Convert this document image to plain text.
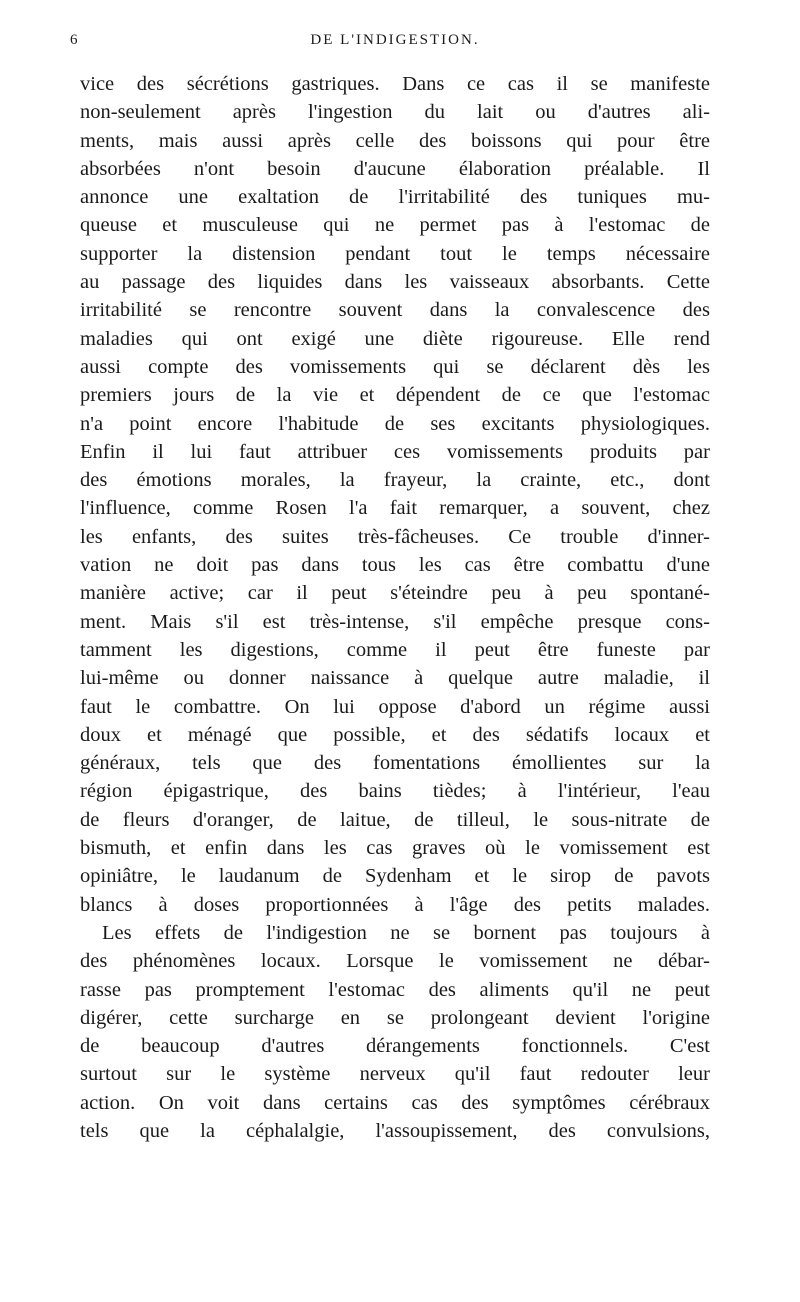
6	DE L'INDIGESTION.
vice des sécrétions gastriques. Dans ce cas il se manifeste
non-seulement après l'ingestion du lait ou d'autres ali-
ments, mais aussi après celle des boissons qui pour être
absorbées n'ont besoin d'aucune élaboration préalable. Il
annonce une exaltation de l'irritabilité des tuniques mu-
queuse et musculeuse qui ne permet pas à l'estomac de
supporter la distension pendant tout le temps nécessaire
au passage des liquides dans les vaisseaux absorbants. Cette
irritabilité se rencontre souvent dans la convalescence des
maladies qui ont exigé une diète rigoureuse. Elle rend
aussi compte des vomissements qui se déclarent dès les
premiers jours de la vie et dépendent de ce que l'estomac
n'a point encore l'habitude de ses excitants physiologiques.
Enfin il lui faut attribuer ces vomissements produits par
des émotions morales, la frayeur, la crainte, etc., dont
l'influence, comme Rosen l'a fait remarquer, a souvent, chez
les enfants, des suites très-fâcheuses. Ce trouble d'inner-
vation ne doit pas dans tous les cas être combattu d'une
manière active; car il peut s'éteindre peu à peu spontané-
ment. Mais s'il est très-intense, s'il empêche presque cons-
tamment les digestions, comme il peut être funeste par
lui-même ou donner naissance à quelque autre maladie, il
faut le combattre. On lui oppose d'abord un régime aussi
doux et ménagé que possible, et des sédatifs locaux et
généraux, tels que des fomentations émollientes sur la
région épigastrique, des bains tièdes; à l'intérieur, l'eau
de fleurs d'oranger, de laitue, de tilleul, le sous-nitrate de
bismuth, et enfin dans les cas graves où le vomissement est
opiniâtre, le laudanum de Sydenham et le sirop de pavots
blancs à doses proportionnées à l'âge des petits malades.
Les effets de l'indigestion ne se bornent pas toujours à
des phénomènes locaux. Lorsque le vomissement ne débar-
rasse pas promptement l'estomac des aliments qu'il ne peut
digérer, cette surcharge en se prolongeant devient l'origine
de beaucoup d'autres dérangements fonctionnels. C'est
surtout sur le système nerveux qu'il faut redouter leur
action. On voit dans certains cas des symptômes cérébraux
tels que la céphalalgie, l'assoupissement, des convulsions,
